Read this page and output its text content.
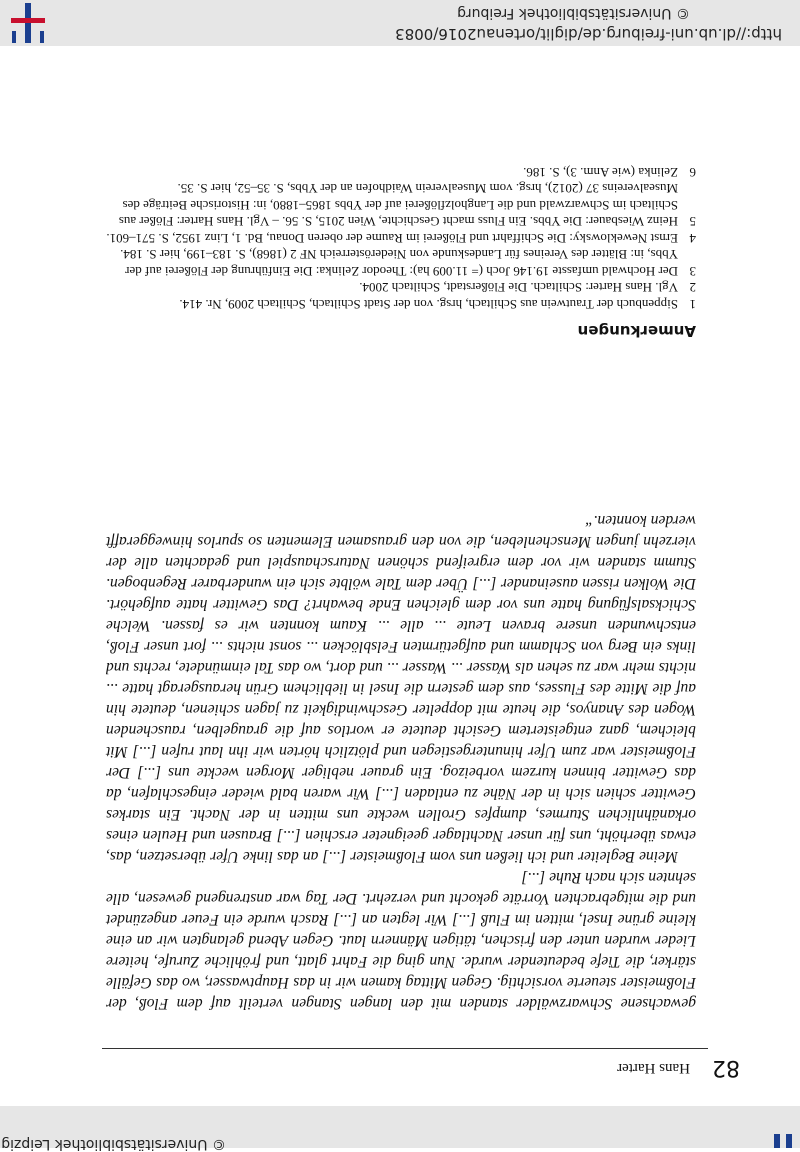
© Universitätsbibliothek Leipzig
82
Hans Harter

gewachsene Schwarzwälder standen mit den langen Stangen verteilt auf dem Floß, der Floßmeister steuerte vorsichtig. Gegen Mittag kamen wir in das Hauptwasser, wo das Gefälle stärker, die Tiefe bedeutender wurde. Nun ging die Fahrt glatt, und fröhliche Zurufe, heitere Lieder wurden unter den frischen, tätigen Männern laut. Gegen Abend gelangten wir an eine kleine grüne Insel, mitten im Fluß [...] Wir legten an [...] Rasch wurde ein Feuer angezündet und die mitgebrachten Vorräte gekocht und verzehrt. Der Tag war anstrengend gewesen, alle sehnten sich nach Ruhe [...]

Meine Begleiter und ich ließen uns vom Floßmeister [...] an das linke Ufer übersetzen, das, etwas überhöht, uns für unser Nachtlager geeigneter erschien [...] Brausen und Heulen eines orkanähnlichen Sturmes, dumpfes Grollen weckte uns mitten in der Nacht. Ein starkes Gewitter schien sich in der Nähe zu entladen [...] Wir waren bald wieder eingeschlafen, da das Gewitter binnen kurzem vorbeizog. Ein grauer nebliger Morgen weckte uns [...] Der Floßmeister war zum Ufer hinuntergestiegen und plötzlich hörten wir ihn laut rufen [...] Mit bleichem, ganz entgeistertem Gesicht deutete er wortlos auf die graugelben, rauschenden Wogen des Ananyos, die heute mit doppelter Geschwindigkeit zu jagen schienen, deutete hin auf die Mitte des Flusses, aus dem gestern die Insel in lieblichem Grün herausgeragt hatte ... nichts mehr war zu sehen als Wasser ... Wasser ... und dort, wo das Tal einmündete, rechts und links ein Berg von Schlamm und aufgetürmten Felsblöcken ... sonst nichts ... fort unser Floß, entschwunden unsere braven Leute ... alle ... Kaum konnten wir es fassen. Welche Schicksalsfügung hatte uns vor dem gleichen Ende bewahrt? Das Gewitter hatte aufgehört. Die Wolken rissen auseinander [...] Über dem Tale wölbte sich ein wunderbarer Regenbogen. Stumm standen wir vor dem ergreifend schönen Naturschauspiel und gedachten alle der vierzehn jungen Menschenleben, die von den grausamen Elementen so spurlos hinweggerafft werden konnten.“

Anmerkungen
1
Sippenbuch der Trautwein aus Schiltach, hrsg. von der Stadt Schiltach, Schiltach 2009, Nr. 414.
2
Vgl. Hans Harter: Schiltach. Die Flößerstadt, Schiltach 2004.
3
Der Hochwald umfasste 19.146 Joch (= 11.009 ha): Theodor Zelinka: Die Einführung der Flößerei auf der Ybbs, in: Blätter des Vereines für Landeskunde von Niederösterreich NF 2 (1868), S. 183–199, hier S. 184.
4
Ernst Neweklowsky: Die Schiffahrt und Flößerei im Raume der oberen Donau, Bd. 1, Linz 1952, S. 571–601.
5
Heinz Wiesbauer: Die Ybbs. Ein Fluss macht Geschichte, Wien 2015, S. 56. – Vgl. Hans Harter: Flößer aus Schiltach im Schwarzwald und die Langholzflößerei auf der Ybbs 1865–1880, in: Historische Beiträge des Musealvereins 37 (2012), hrsg. vom Musealverein Waidhofen an der Ybbs, S. 35–52, hier S. 35.
6
Zelinka (wie Anm. 3), S. 186.
© Universitätsbibliothek Freiburg
http://dl.ub.uni-freiburg.de/diglit/ortenau2016/0083
